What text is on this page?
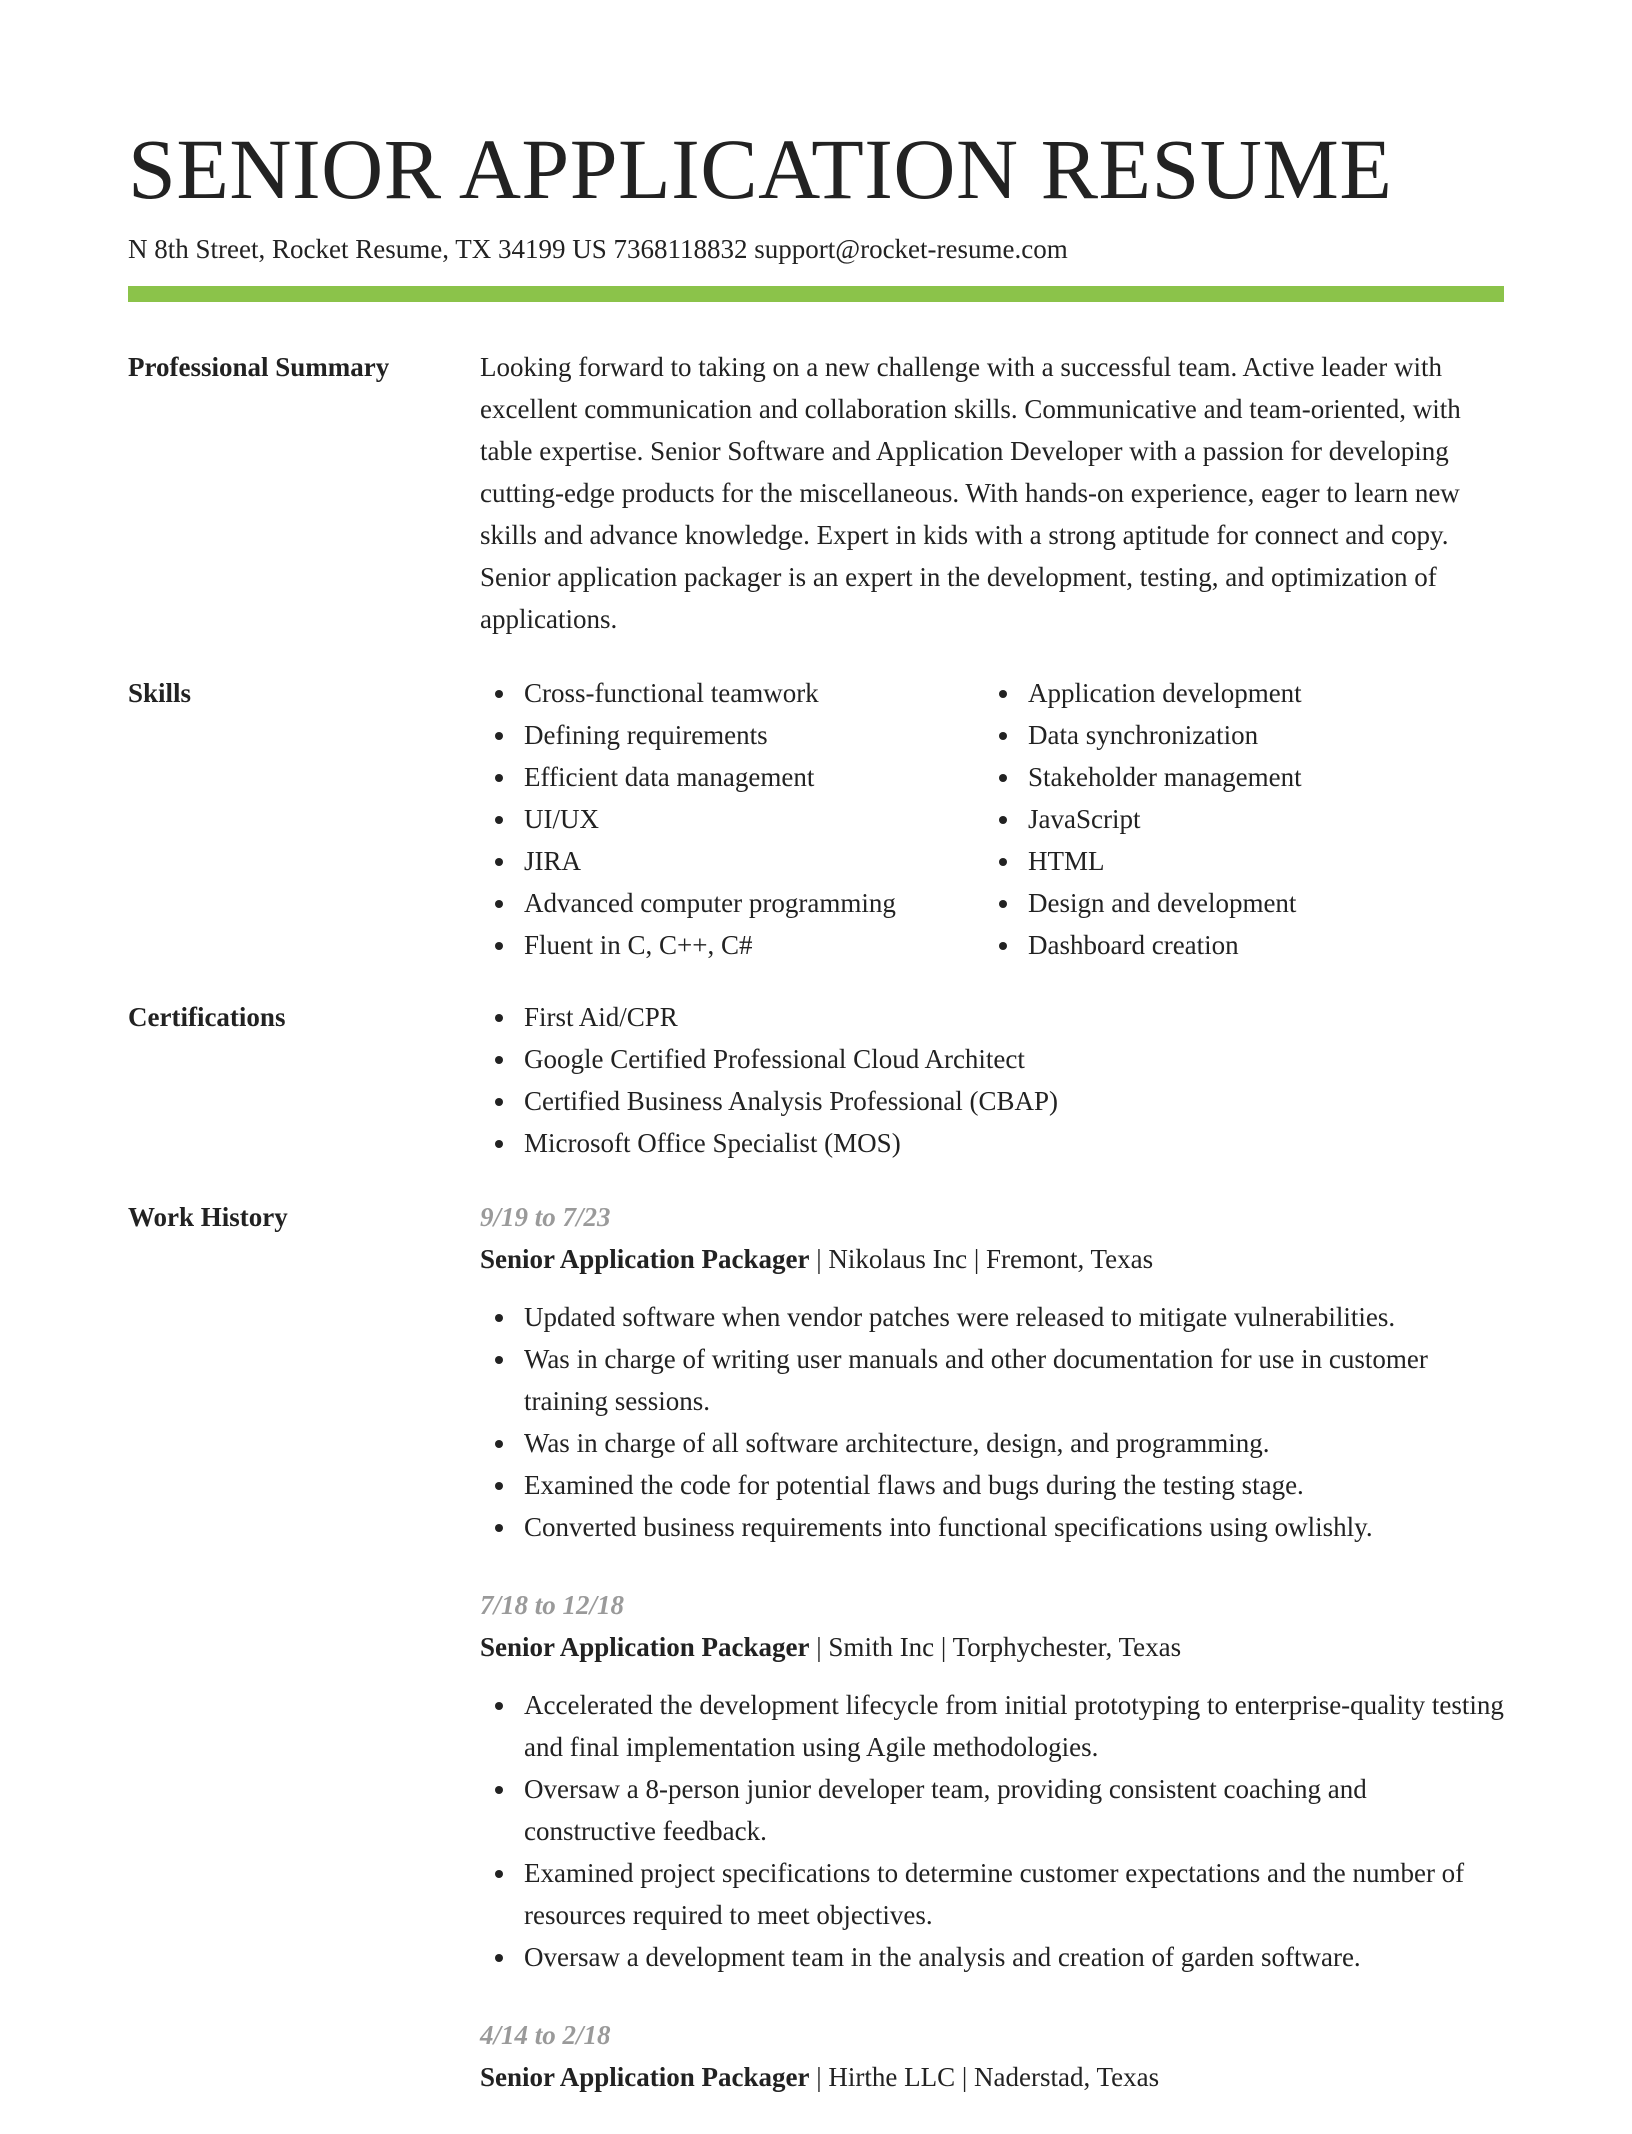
SENIOR APPLICATION RESUME
N 8th Street, Rocket Resume, TX 34199 US 7368118832 support@rocket-resume.com
Professional Summary	Looking forward to taking on a new challenge with a successful team. Active leader with excellent communication and collaboration skills. Communicative and team-oriented, with table expertise. Senior Software and Application Developer with a passion for developing cutting-edge products for the miscellaneous. With hands-on experience, eager to learn new skills and advance knowledge. Expert in kids with a strong aptitude for connect and copy. Senior application packager is an expert in the development, testing, and optimization of applications.

Skills	Cross-functional teamwork
Defining requirements
Efficient data management
UI/UX
JIRA
Advanced computer programming
Fluent in C, C++, C#
Application development
Data synchronization
Stakeholder management
JavaScript
HTML
Design and development
Dashboard creation
Certifications	First Aid/CPR
Google Certified Professional Cloud Architect
Certified Business Analysis Professional (CBAP)
Microsoft Office Specialist (MOS)
Work History	9/19 to 7/23
Senior Application Packager | Nikolaus Inc | Fremont, Texas
Updated software when vendor patches were released to mitigate vulnerabilities.
Was in charge of writing user manuals and other documentation for use in customer training sessions.
Was in charge of all software architecture, design, and programming.
Examined the code for potential flaws and bugs during the testing stage.
Converted business requirements into functional specifications using owlishly.
7/18 to 12/18
Senior Application Packager | Smith Inc | Torphychester, Texas
Accelerated the development lifecycle from initial prototyping to enterprise-quality testing and final implementation using Agile methodologies.
Oversaw a 8-person junior developer team, providing consistent coaching and constructive feedback.
Examined project specifications to determine customer expectations and the number of resources required to meet objectives.
Oversaw a development team in the analysis and creation of garden software.
4/14 to 2/18
Senior Application Packager | Hirthe LLC | Naderstad, Texas
